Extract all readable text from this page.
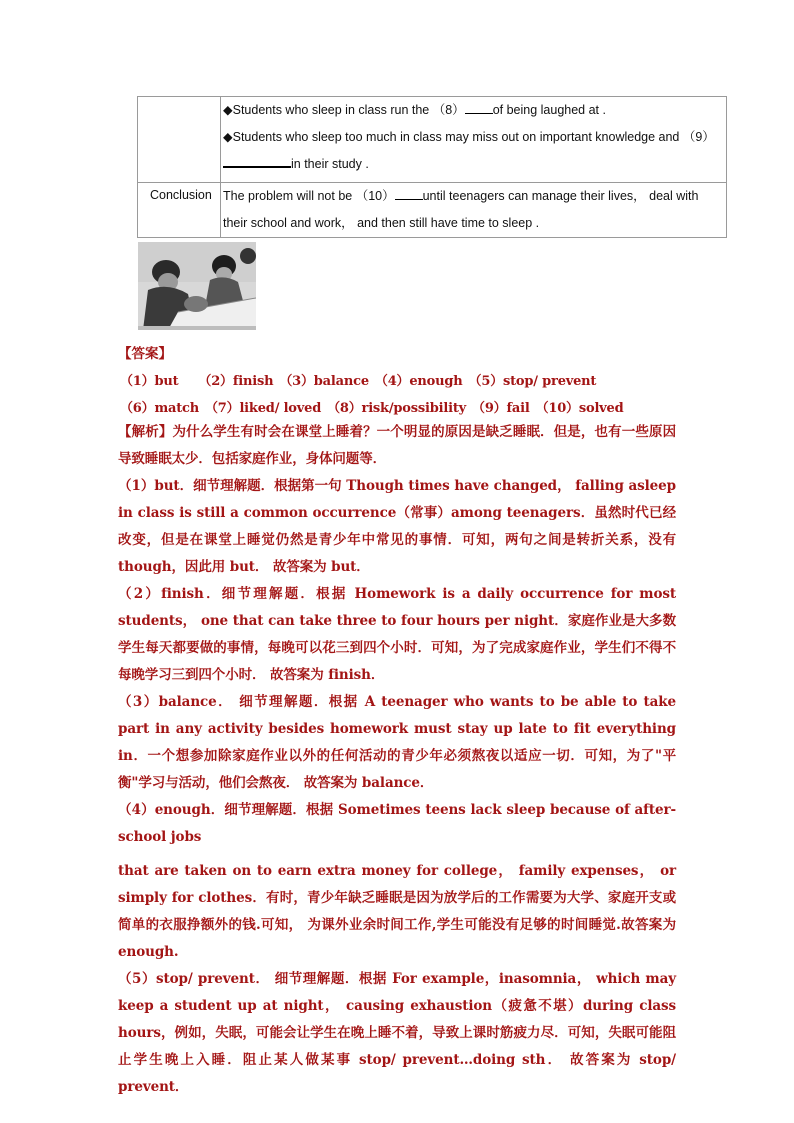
	◆Students who sleep in class run the （8） of being laughed at .
◆Students who sleep too much in class may miss out on important knowledge and （9）
in their study .

Conclusion	The problem will not be （10） until teenagers can manage their lives， deal with
their school and work， and then still have time to sleep .
【答案】
（1）but （2）finish （3）balance （4）enough （5）stop/ prevent
（6）match （7）liked/ loved （8）risk/possibility （9）fail （10）solved

【解析】为什么学生有时会在课堂上睡着？一个明显的原因是缺乏睡眠．但是，也有一些原因导致睡眠太少．包括家庭作业，身体问题等．

（1）but．细节理解题．根据第一句 Though times have changed， falling asleep in class is still a common occurrence（常事）among teenagers．虽然时代已经改变，但是在课堂上睡觉仍然是青少年中常见的事情．可知，两句之间是转折关系，没有 though，因此用 but． 故答案为 but．

（2）finish．细节理解题．根据 Homework is a daily occurrence for most students， one that can take three to four hours per night．家庭作业是大多数学生每天都要做的事情，每晚可以花三到四个小时．可知，为了完成家庭作业，学生们不得不每晚学习三到四个小时． 故答案为 finish．

（3）balance． 细节理解题．根据 A teenager who wants to be able to take part in any activity besides homework must stay up late to fit everything in．一个想参加除家庭作业以外的任何活动的青少年必须熬夜以适应一切．可知，为了"平衡"学习与活动，他们会熬夜． 故答案为 balance．

（4）enough．细节理解题．根据 Sometimes teens lack sleep because of after-school jobs

that are taken on to earn extra money for college， family expenses， or simply for clothes．有时，青少年缺乏睡眠是因为放学后的工作需要为大学、家庭开支或简单的衣服挣额外的钱.可知， 为课外业余时间工作,学生可能没有足够的时间睡觉.故答案为 enough.

（5）stop/ prevent． 细节理解题．根据 For example，inasomnia， which may keep a student up at night， causing exhaustion（疲惫不堪）during class hours，例如，失眠，可能会让学生在晚上睡不着，导致上课时筋疲力尽．可知，失眠可能阻止学生晚上入睡．阻止某人做某事 stop/ prevent…doing sth． 故答案为 stop/ prevent．
